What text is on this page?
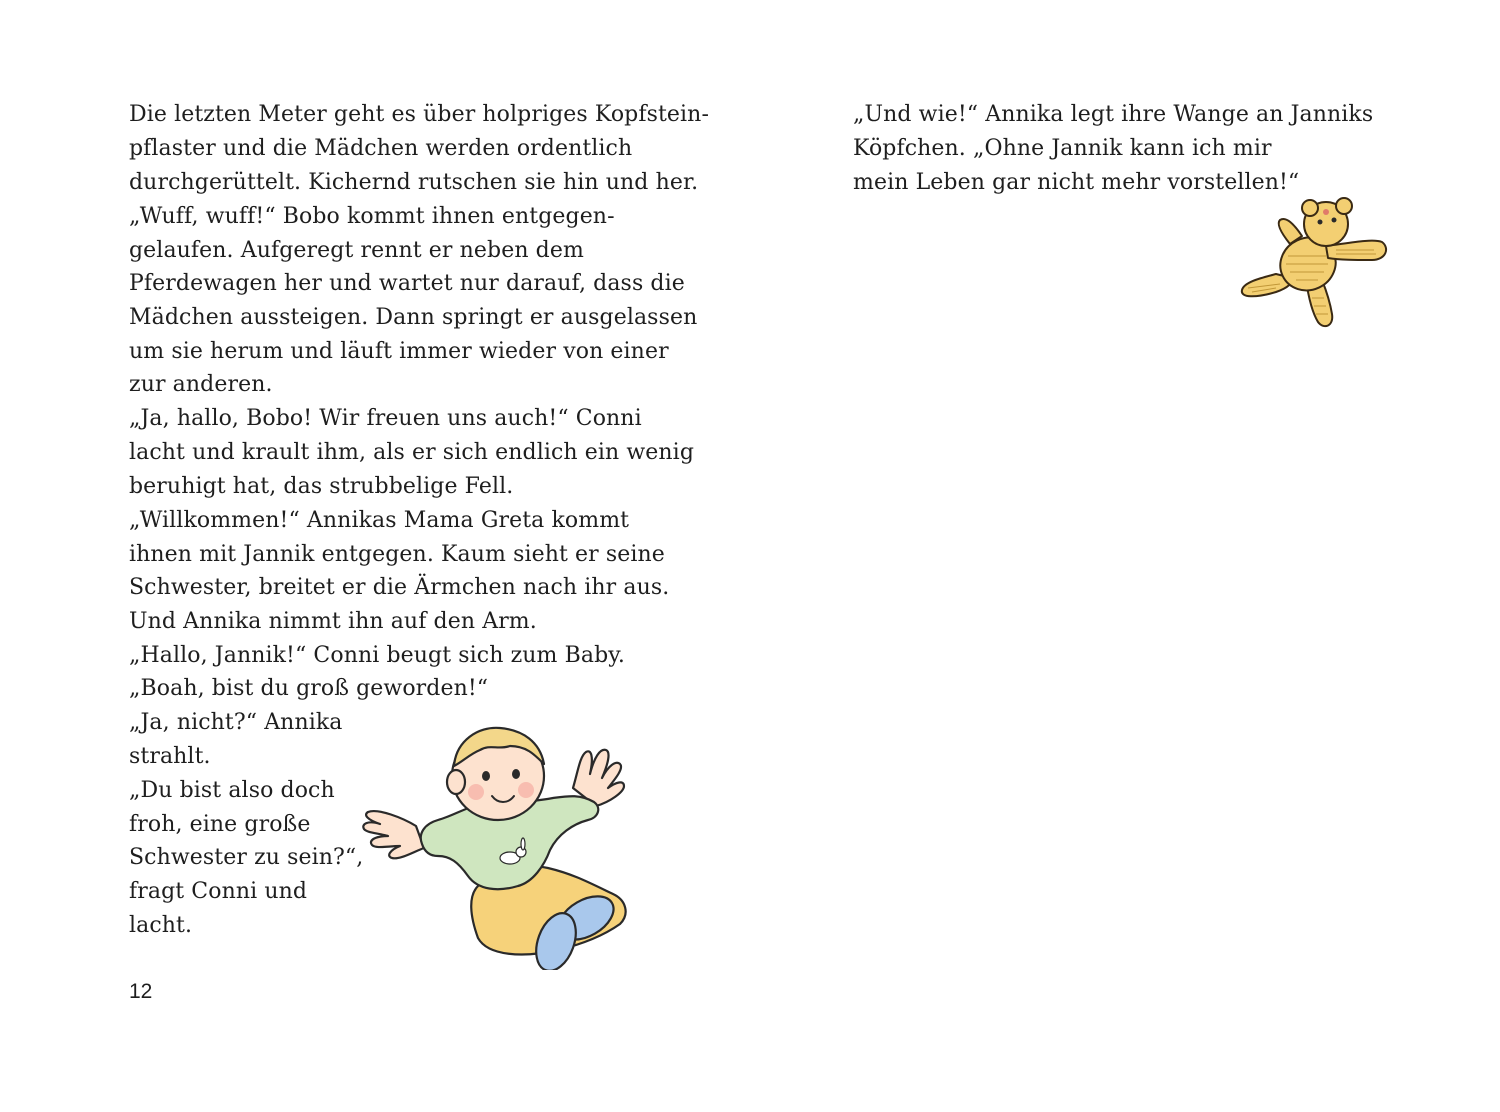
Die letzten Meter geht es über holpriges Kopfstein-
pflaster und die Mädchen werden ordentlich
durchgerüttelt. Kichernd rutschen sie hin und her.
„Wuff, wuff!“ Bobo kommt ihnen entgegen-
gelaufen. Aufgeregt rennt er neben dem
Pferdewagen her und wartet nur darauf, dass die
Mädchen aussteigen. Dann springt er ausgelassen
um sie herum und läuft immer wieder von einer
zur anderen.
„Ja, hallo, Bobo! Wir freuen uns auch!“ Conni
lacht und krault ihm, als er sich endlich ein wenig
beruhigt hat, das strubbelige Fell.
„Willkommen!“ Annikas Mama Greta kommt
ihnen mit Jannik entgegen. Kaum sieht er seine
Schwester, breitet er die Ärmchen nach ihr aus.
Und Annika nimmt ihn auf den Arm.
„Hallo, Jannik!“ Conni beugt sich zum Baby.
„Boah, bist du groß geworden!“
„Ja, nicht?“ Annika
strahlt.
„Du bist also doch
froh, eine große
Schwester zu sein?“,
fragt Conni und
lacht.
12
„Und wie!“ Annika legt ihre Wange an Janniks
Köpfchen. „Ohne Jannik kann ich mir
mein Leben gar nicht mehr vorstellen!“
